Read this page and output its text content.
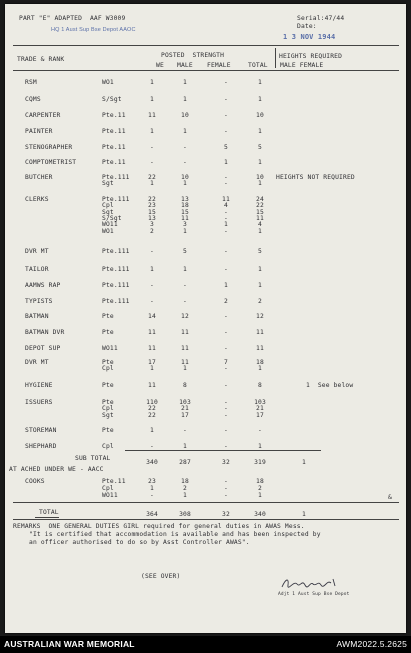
PART "E" ADAPTED  AAF W3009	Serial:47/44
Date:
HQ 1 Aust Sup Bse Depot AAOC
1 3 NOV 1944
TRADE & RANK
POSTED  STRENGTH	HEIGHTS REQUIRED
WE MALE FEMALE	TOTAL MALE FEMALE
RSM	WO1	1	1	-	1
CQMS	S/Sgt	1	1	-	1
CARPENTER	Pte.11	11	10	-	10
PAINTER	Pte.11	1	1	-	1
STENOGRAPHER	Pte.11	-	-	5	5
COMPTOMETRIST	Pte.11	-	-	1	1
BUTCHER	Pte.111	22	10	-	10
Sgt	1	1	-	1
HEIGHTS NOT REQUIRED
CLERKS	Pte.111	22	13	11	24
Cpl	23	18	4	22
Sgt	15	15	-	15
S/Sgt	13	11	-	11
WO11	3	3	1	4
WO1	2	1	-	1
DVR MT	Pte.111	-	5	-	5
TAILOR	Pte.111	1	1	-	1
AAMWS RAP	Pte.111	-	-	1	1
TYPISTS	Pte.111	-	-	2	2
BATMAN	Pte	14	12	-	12
BATMAN DVR	Pte	11	11	-	11
DEPOT SUP	WO11	11	11	-	11
DVR MT	Pte	17	11	7	18
Cpl	1	1	-	1
HYGIENE	Pte	11	8	-	8	1  See below
ISSUERS	Pte	110	103	-	103
Cpl	22	21	-	21
Sgt	22	17	-	17
STOREMAN	Pte	1	-	-	-
SHEPHARD	Cpl	-	1	-	1
SUB TOTAL
340	287	32	319	1
AT ACHED UNDER WE - AACC
COOKS	Pte.11	23	18	-	18
Cpl	1	2	-	2
WO11	-	1	-	1	&
TOTAL	364	308	32	340	1
REMARKS  ONE GENERAL DUTIES GIRL required for general duties in AWAS Mess.
"It is certified that accommodation is available and has been inspected by
an officer authorised to do so by Asst Controller AWAS".
(SEE OVER)
Adjt 1 Aust Sup Bse Depot
AUSTRALIAN WAR MEMORIAL	AWM2022.5.2625
